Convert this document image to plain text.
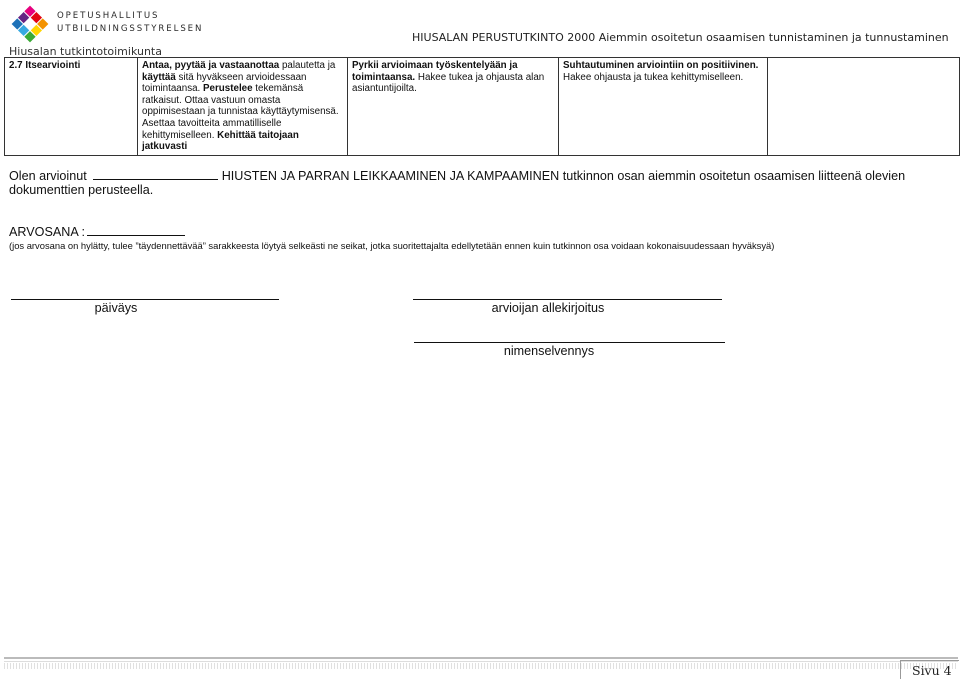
OPETUSHALLITUS
UTBILDNINGSSTYRELSEN
Hiusalan tutkintotoimikunta
HIUSALAN PERUSTUTKINTO 2000 Aiemmin osoitetun osaamisen tunnistaminen ja tunnustaminen
2.7 Itsearviointi	Antaa, pyytää ja vastaanottaa palautetta ja käyttää sitä hyväkseen arvioidessaan toimintaansa. Perustelee tekemänsä ratkaisut. Ottaa vastuun omasta oppimisestaan ja tunnistaa käyttäytymisensä. Asettaa tavoitteita ammatilliselle kehittymiselleen. Kehittää taitojaan jatkuvasti	Pyrkii arvioimaan työskentelyään ja toimintaansa. Hakee tukea ja ohjausta alan asiantuntijoilta.	Suhtautuminen arviointiin on positiivinen. Hakee ohjausta ja tukea kehittymiselleen.	
Olen arvioinut	HIUSTEN JA PARRAN LEIKKAAMINEN JA KAMPAAMINEN tutkinnon osan aiemmin osoitetun osaamisen liitteenä olevien dokumenttien perusteella.
ARVOSANA :
(jos arvosana on hylätty, tulee ”täydennettävää” sarakkeesta löytyä selkeästi ne seikat, jotka suoritettajalta edellytetään ennen kuin tutkinnon osa voidaan kokonaisuudessaan hyväksyä)
päiväys	arvioijan allekirjoitus
nimenselvennys
Sivu 4
